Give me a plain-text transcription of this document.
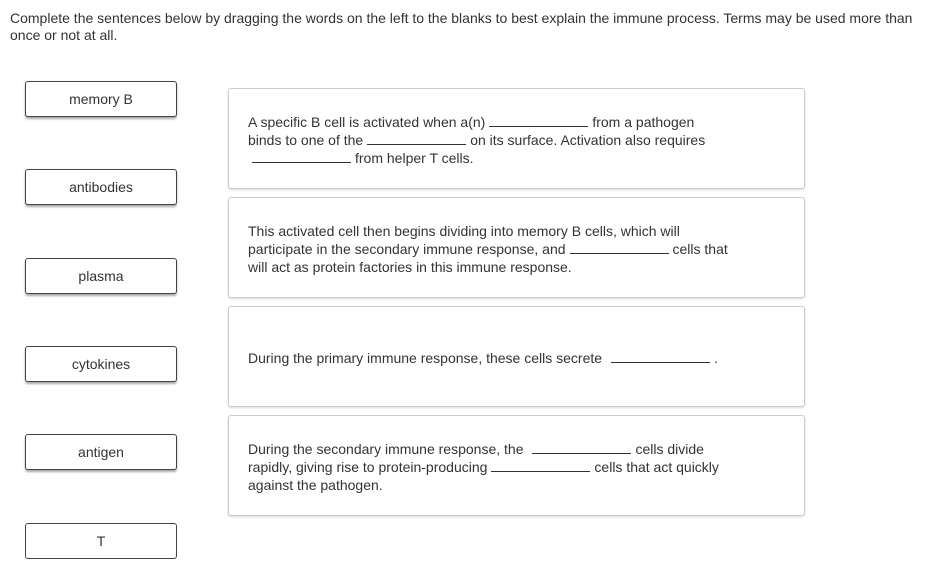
Complete the sentences below by dragging the words on the left to the blanks to best explain the immune process. Terms may be used more than once or not at all.
memory B
antibodies
plasma
cytokines
antigen
T
A specific B cell is activated when a(n)	from a pathogen
binds to one of the	on its surface. Activation also requires
from helper T cells.
This activated cell then begins dividing into memory B cells, which will
participate in the secondary immune response, and	cells that
will act as protein factories in this immune response.
During the primary immune response, these cells secrete	.
During the secondary immune response, the	cells divide
rapidly, giving rise to protein-producing	cells that act quickly
against the pathogen.
